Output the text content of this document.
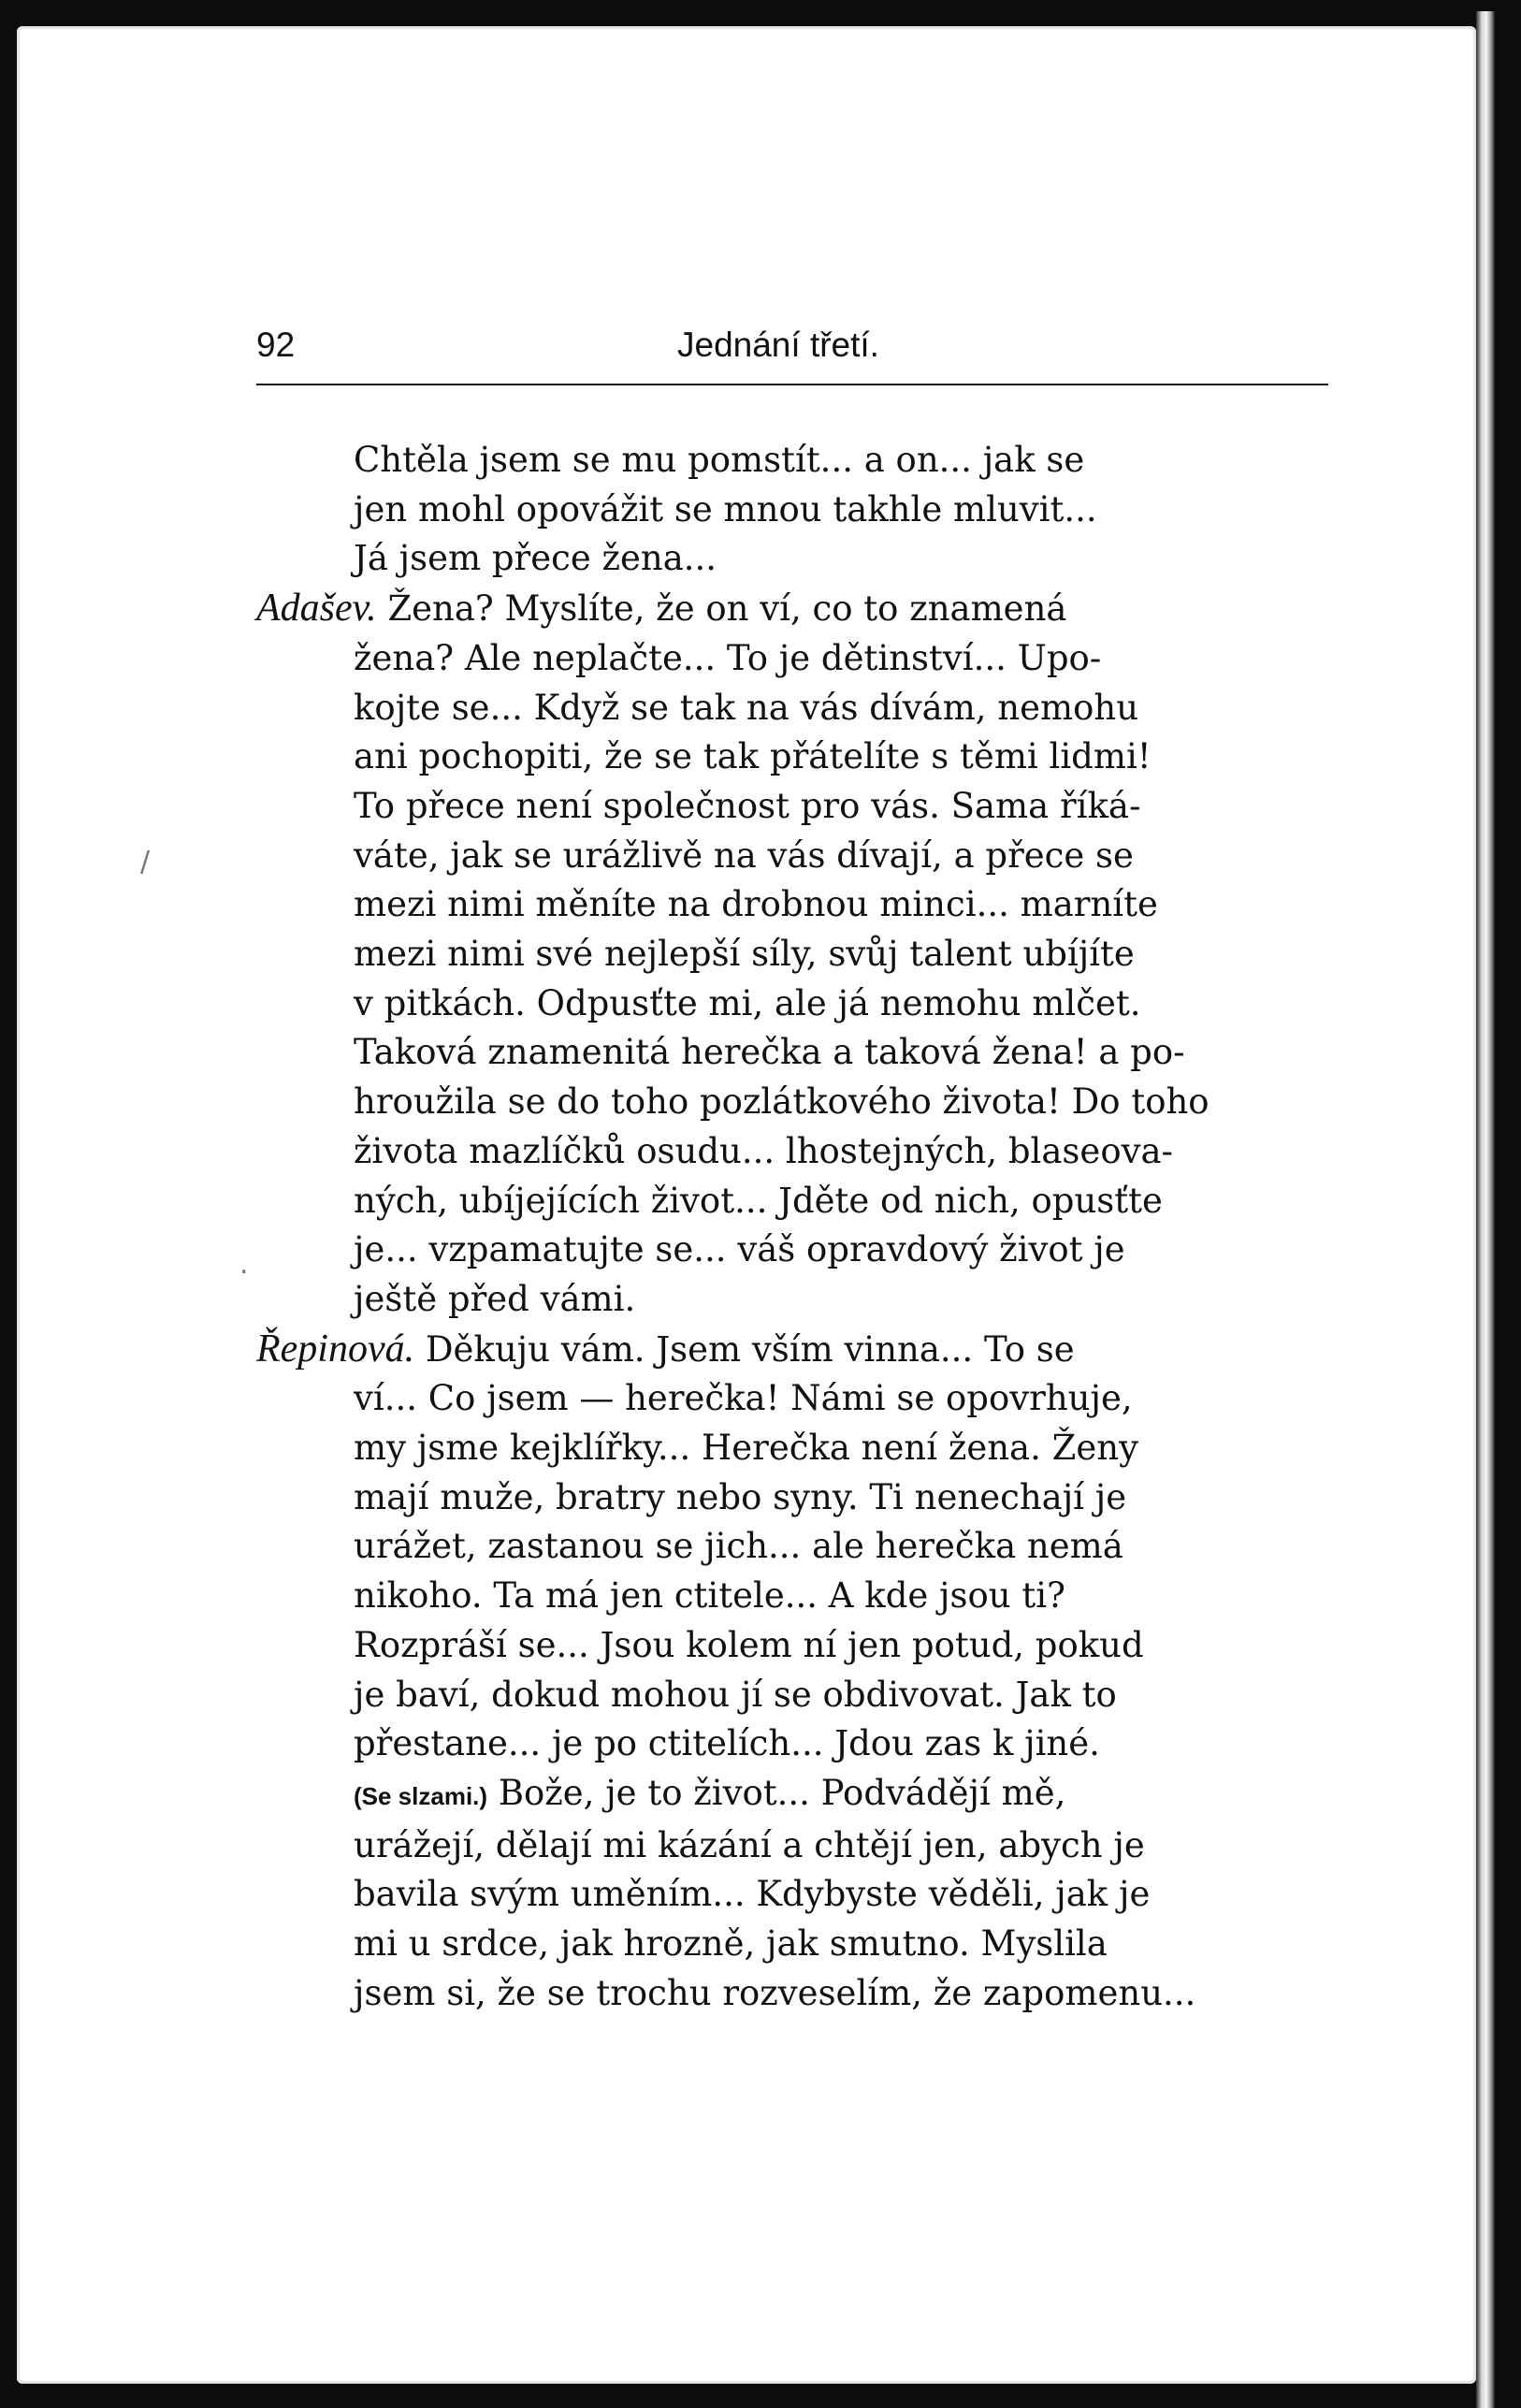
92	Jednání třetí.
/
.
Chtěla jsem se mu pomstít... a on... jak se
jen mohl opovážit se mnou takhle mluvit...
Já jsem přece žena...
Adašev. Žena? Myslíte, že on ví, co to znamená
žena? Ale neplačte... To je dětinství... Upo-
kojte se... Když se tak na vás dívám, nemohu
ani pochopiti, že se tak přátelíte s těmi lidmi!
To přece není společnost pro vás. Sama říká-
váte, jak se urážlivě na vás dívají, a přece se
mezi nimi měníte na drobnou minci... marníte
mezi nimi své nejlepší síly, svůj talent ubíjíte
v pitkách. Odpusťte mi, ale já nemohu mlčet.
Taková znamenitá herečka a taková žena! a po-
hroužila se do toho pozlátkového života! Do toho
života mazlíčků osudu... lhostejných, blaseova-
ných, ubíjejících život... Jděte od nich, opusťte
je... vzpamatujte se... váš opravdový život je
ještě před vámi.
Řepinová. Děkuju vám. Jsem vším vinna... To se
ví... Co jsem — herečka! Námi se opovrhuje,
my jsme kejklířky... Herečka není žena. Ženy
mají muže, bratry nebo syny. Ti nenechají je
urážet, zastanou se jich... ale herečka nemá
nikoho. Ta má jen ctitele... A kde jsou ti?
Rozpráší se... Jsou kolem ní jen potud, pokud
je baví, dokud mohou jí se obdivovat. Jak to
přestane... je po ctitelích... Jdou zas k jiné.
(Se slzami.) Bože, je to život... Podvádějí mě,
urážejí, dělají mi kázání a chtějí jen, abych je
bavila svým uměním... Kdybyste věděli, jak je
mi u srdce, jak hrozně, jak smutno. Myslila
jsem si, že se trochu rozveselím, že zapomenu...
